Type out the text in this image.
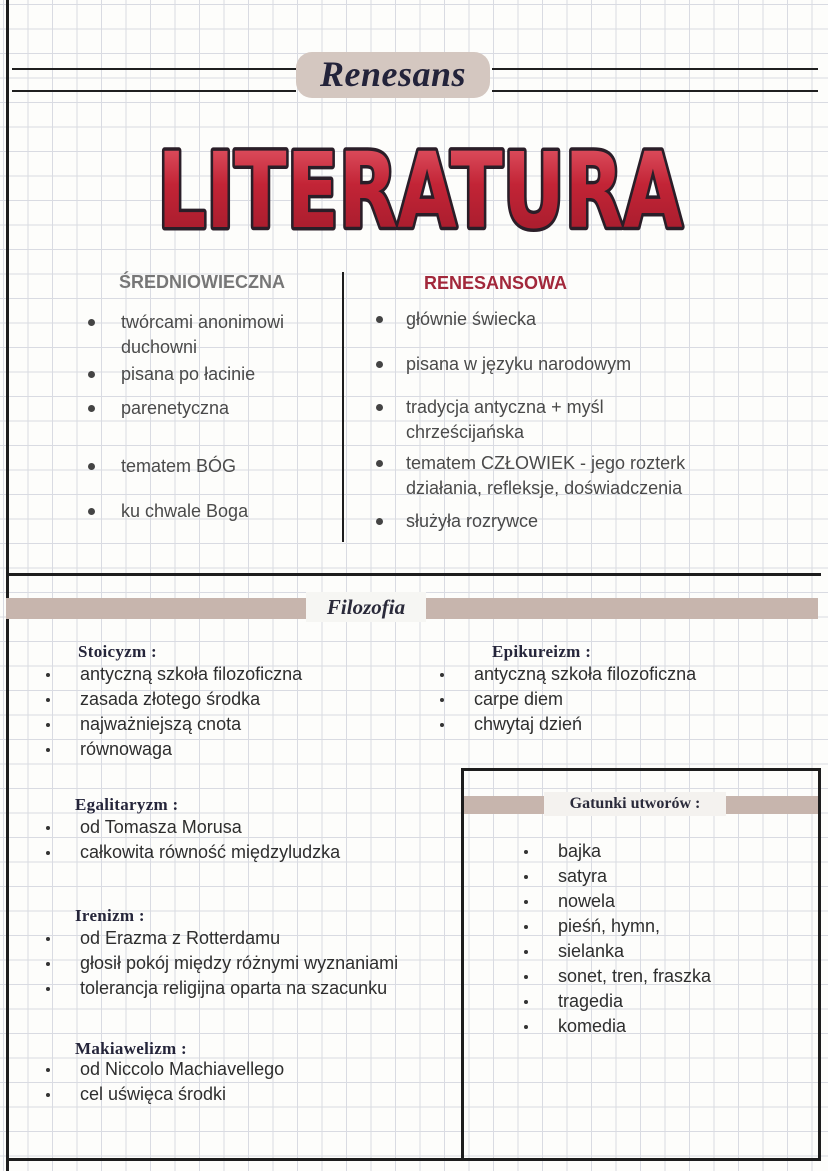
Renesans
LITERATURA
ŚREDNIOWIECZNA	RENESANSOWA
twórcami anonimowi
duchowni
pisana po łacinie
parenetyczna
tematem BÓG
ku chwale Boga
głównie świecka
pisana w języku narodowym
tradycja antyczna + myśl
chrześcijańska
tematem CZŁOWIEK - jego rozterk
działania, refleksje, doświadczenia
służyła rozrywce
Filozofia
Gatunki utworów :
Stoicyzm :
antyczną szkoła filozoficzna
zasada złotego środka
najważniejszą cnota
równowaga
Epikureizm :
antyczną szkoła filozoficzna
carpe diem
chwytaj dzień
Egalitaryzm :
od Tomasza Morusa
całkowita równość międzyludzka
Irenizm :
od Erazma z Rotterdamu
głosił pokój między różnymi wyznaniami
tolerancja religijna oparta na szacunku
Makiawelizm :
od Niccolo Machiavellego
cel uświęca środki
bajka
satyra
nowela
pieśń, hymn,
sielanka
sonet, tren, fraszka
tragedia
komedia
